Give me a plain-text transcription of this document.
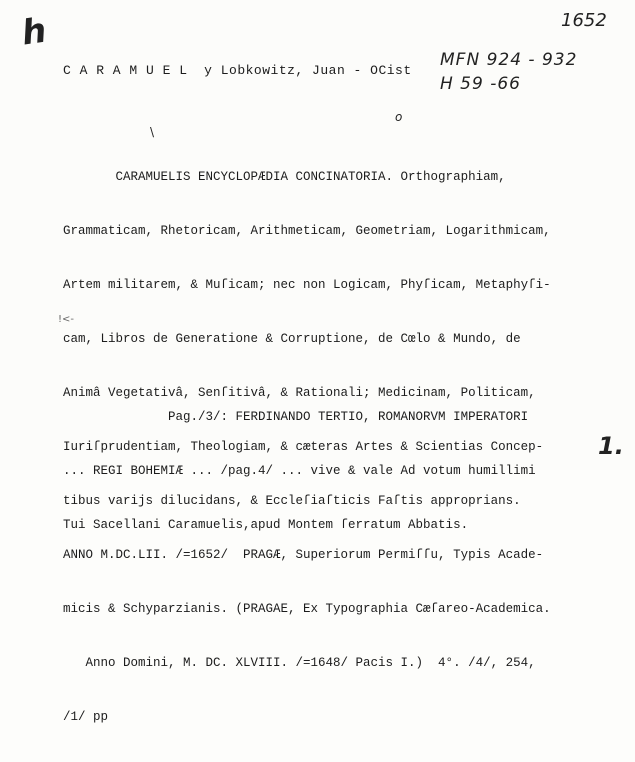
h	1652
MFN 924 - 932
H 59 -66
o
\
!<-
1.
C A R A M U E L  y Lobkowitz, Juan - OCist

CARAMUELIS ENCYCLOPÆDIA CONCINATORIA. Orthographiam,

Grammaticam, Rhetoricam, Arithmeticam, Geometriam, Logarithmicam,

Artem militarem, & Muſicam; nec non Logicam, Phyſicam, Metaphyſi-

cam, Libros de Generatione & Corruptione, de Cœlo & Mundo, de

Animâ Vegetativâ, Senſitivâ, & Rationali; Medicinam, Politicam,

Iuriſprudentiam, Theologiam, & cæteras Artes & Scientias Concep-

tibus varijs dilucidans, & Eccleſiaſticis Faſtis approprians.

ANNO M.DC.LII. /=1652/  PRAGÆ, Superiorum Permiſſu, Typis Acade-

micis & Schyparzianis. (PRAGAE, Ex Typographia Cæſareo-Academica.

Anno Domini, M. DC. XLVIII. /=1648/ Pacis I.)  4°. /4/, 254,

/1/ pp

Pag./3/: FERDINANDO TERTIO, ROMANORVM IMPERATORI

... REGI BOHEMIÆ ... /pag.4/ ... vive & vale Ad votum humillimi

Tui Sacellani Caramuelis,apud Montem ſerratum Abbatis.
